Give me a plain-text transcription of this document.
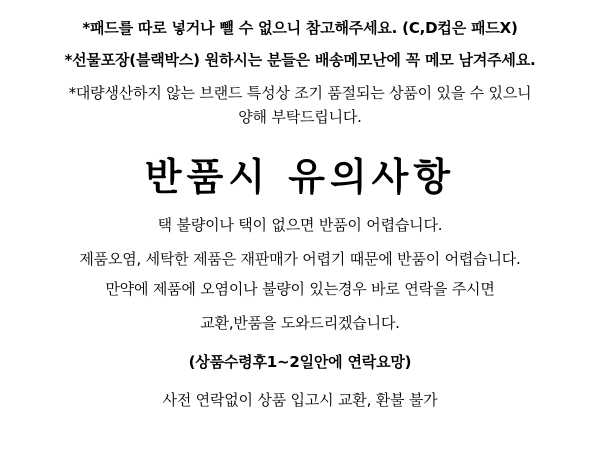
*패드를 따로 넣거나 뺄 수 없으니 참고해주세요. (C,D컵은 패드X)
*선물포장(블랙박스) 원하시는 분들은 배송메모난에 꼭 메모 남겨주세요.
*대량생산하지 않는 브랜드 특성상 조기 품절되는 상품이 있을 수 있으니
양해 부탁드립니다.
반품시 유의사항
택 불량이나 택이 없으면 반품이 어렵습니다.
제품오염, 세탁한 제품은 재판매가 어렵기 때문에 반품이 어렵습니다.
만약에 제품에 오염이나 불량이 있는경우 바로 연락을 주시면
교환,반품을 도와드리겠습니다.
(상품수령후1~2일안에 연락요망)
사전 연락없이 상품 입고시 교환, 환불 불가
